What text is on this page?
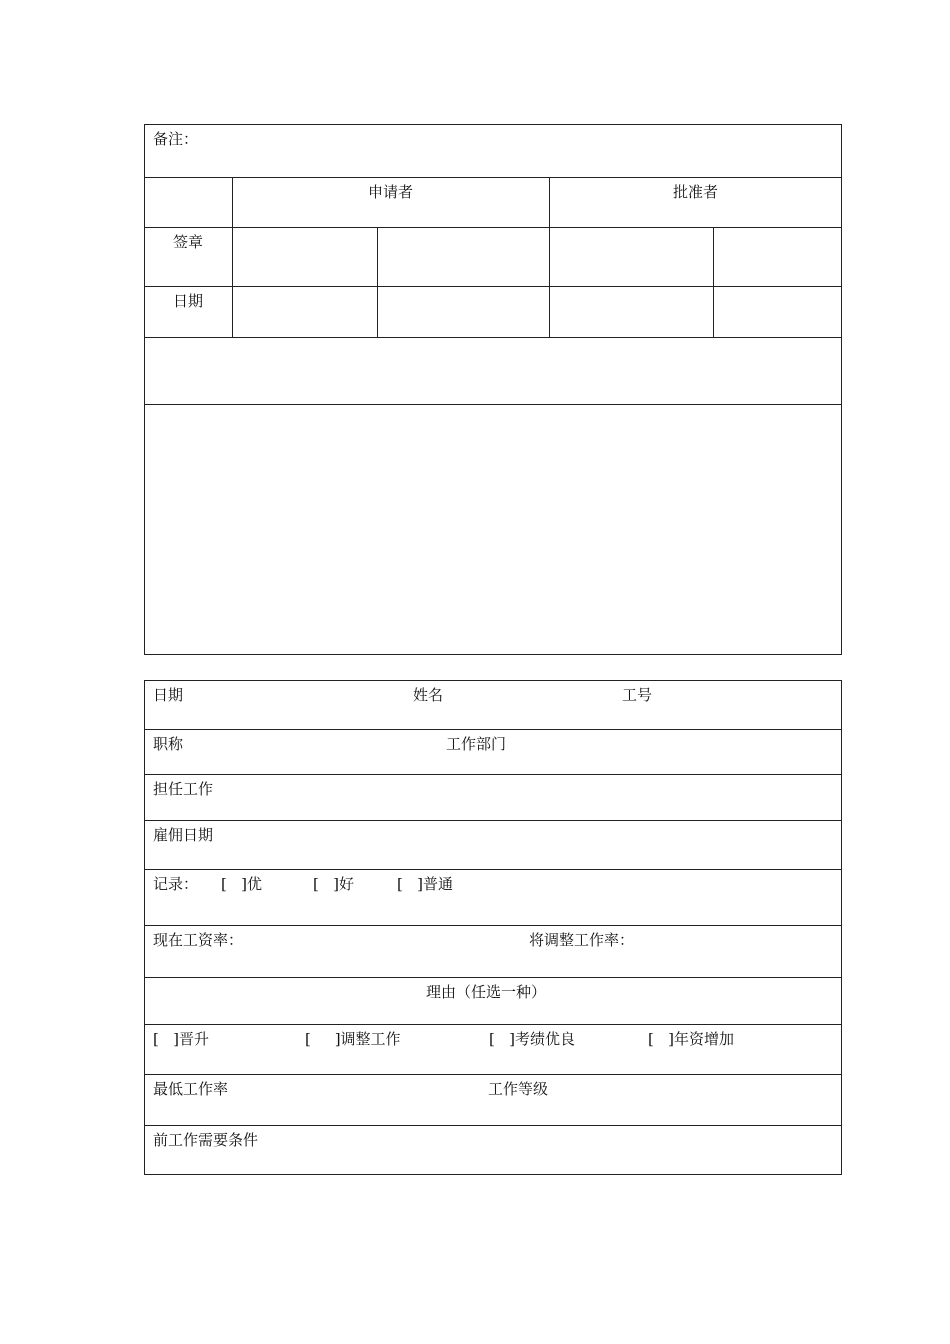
备注：
申请者	批准者
签章
日期
日期	姓名	工号
职称	工作部门
担任工作
雇佣日期
记录： [   ]优	[   ]好	[   ]普通
现在工资率：	将调整工作率：
理由（任选一种）
[   ]晋升	[     ]调整工作	[   ]考绩优良	[   ]年资增加
最低工作率	工作等级
前工作需要条件
